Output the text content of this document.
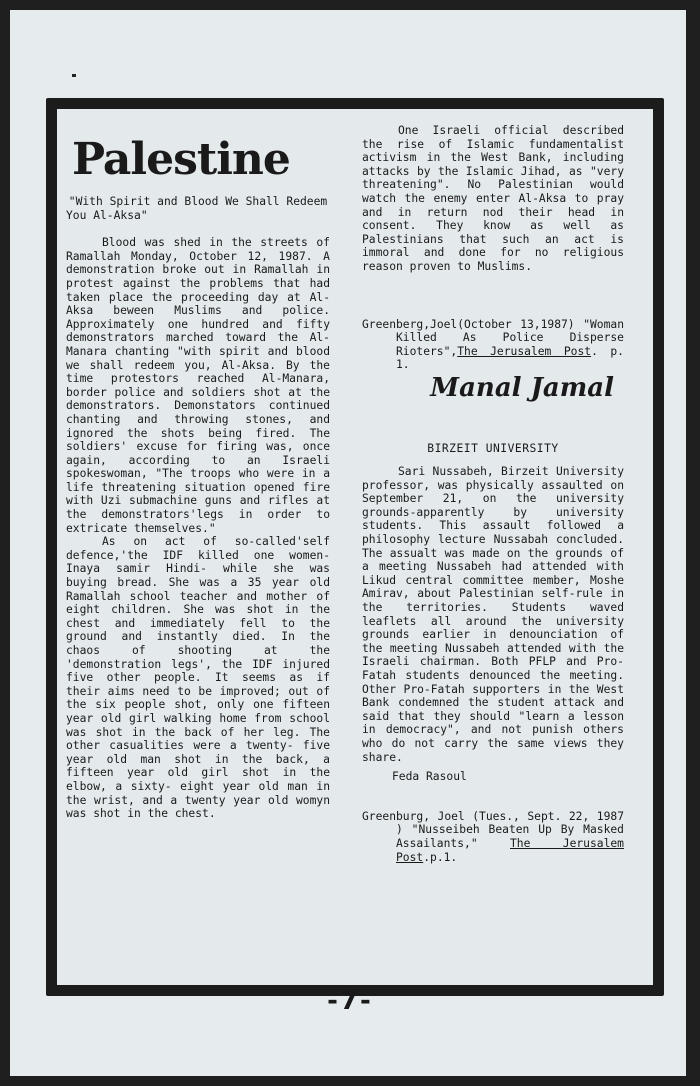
Palestine

"With Spirit and Blood We Shall Redeem You Al-Aksa"

Blood was shed in the streets of Ramallah Monday, October 12, 1987. A demonstration broke out in Ramallah in protest against the problems that had taken place the proceeding day at Al-Aksa beween Muslims and police. Approximately one hundred and fifty demonstrators marched toward the Al-Manara chanting "with spirit and blood we shall redeem you, Al-Aksa. By the time protestors reached Al-Manara, border police and soldiers shot at the demonstrators. Demonstators continued chanting and throwing stones, and ignored the shots being fired. The soldiers' excuse for firing was, once again, according to an Israeli spokeswoman, "The troops who were in a life threatening situation opened fire with Uzi submachine guns and rifles at the demonstrators'legs in order to extricate themselves."

As on act of so-called'self defence,'the IDF killed one women-Inaya samir Hindi- while she was buying bread. She was a 35 year old Ramallah school teacher and mother of eight children. She was shot in the chest and immediately fell to the ground and instantly died. In the chaos of shooting at the 'demonstration legs', the IDF injured five other people. It seems as if their aims need to be improved; out of the six people shot, only one fifteen year old girl walking home from school was shot in the back of her leg. The other casualities were a twenty- five year old man shot in the back, a fifteen year old girl shot in the elbow, a sixty- eight year old man in the wrist, and a twenty year old womyn was shot in the chest.

One Israeli official described the rise of Islamic fundamentalist activism in the West Bank, including attacks by the Islamic Jihad, as "very threatening". No Palestinian would watch the enemy enter Al-Aksa to pray and in return nod their head in consent. They know as well as Palestinians that such an act is immoral and done for no religious reason proven to Muslims.

Greenberg,Joel(October 13,1987) "Woman Killed As Police Disperse Rioters",The Jerusalem Post. p. 1.

Manal Jamal
BIRZEIT UNIVERSITY

Sari Nussabeh, Birzeit University professor, was physically assaulted on September 21, on the university grounds-apparently by university students. This assault followed a philosophy lecture Nussabah concluded. The assualt was made on the grounds of a meeting Nussabeh had attended with Likud central committee member, Moshe Amirav, about Palestinian self-rule in the territories. Students waved leaflets all around the university grounds earlier in denounciation of the meeting Nussabeh attended with the Israeli chairman. Both PFLP and Pro-Fatah students denounced the meeting. Other Pro-Fatah supporters in the West Bank condemned the student attack and said that they should "learn a lesson in democracy", and not punish others who do not carry the same views they share.

Feda Rasoul

Greenburg, Joel (Tues., Sept. 22, 1987 ) "Nusseibeh Beaten Up By Masked Assailants,"	The Jerusalem Post.p.1.

-7-
